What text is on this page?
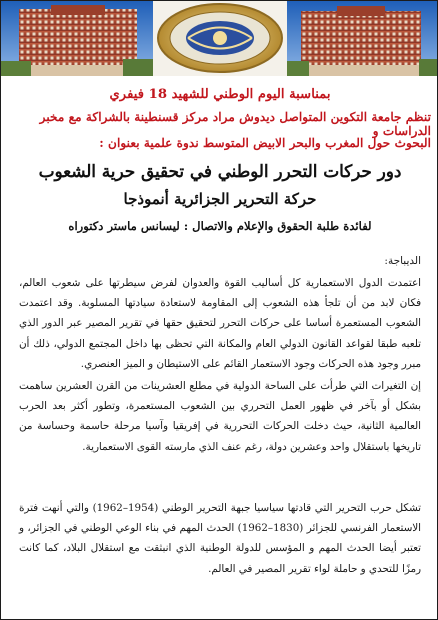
بمناسبة اليوم الوطني للشهيد 18 فيفري
تنظم جامعة التكوين المتواصل ديدوش مراد مركز قسنطينة بالشراكة مع مخبر الدراسات و
البحوث حول المغرب والبحر الابيض المتوسط ندوة علمية بعنوان :
دور حركات التحرر الوطني في تحقيق حرية الشعوب
حركة التحرير الجزائرية أنموذجا
لفائدة طلبة الحقوق والإعلام والاتصال : ليسانس ماستر دكتوراه
الديباجة:
اعتمدت الدول الاستعمارية كل أساليب القوة والعدوان لفرض سيطرتها على شعوب العالم، فكان لابد من أن تلجأ هذه الشعوب إلى المقاومة لاستعادة سيادتها المسلوبة. وقد اعتمدت الشعوب المستعمرة أساسا على حركات التحرر لتحقيق حقها في تقرير المصير عبر الدور الذي تلعبه طبقا لقواعد القانون الدولي العام والمكانة التي تحظى بها داخل المجتمع الدولي، ذلك أن مبرر وجود هذه الحركات وجود الاستعمار القائم على الاستيطان و الميز العنصري.
إن التغيرات التي طرأت على الساحة الدولية في مطلع العشرينات من القرن العشرين ساهمت بشكل أو بآخر في ظهور العمل التحرري بين الشعوب المستعمرة، وتطور أكثر بعد الحرب العالمية الثانية، حيث دخلت الحركات التحررية في إفريقيا وآسيا مرحلة حاسمة وحساسة من تاريخها باستقلال واحد وعشرين دولة، رغم عنف الذي مارسته القوى الاستعمارية.
تشكل حرب التحرير التي قادتها سياسيا جبهة التحرير الوطني (1954–1962) والتي أنهت فترة الاستعمار الفرنسي للجزائر (1830–1962) الحدث المهم في بناء الوعي الوطني في الجزائر، و تعتبر أيضا الحدث المهم و المؤسس للدولة الوطنية الذي انبثقت مع استقلال البلاد، كما كانت رمزًا للتحدي و حاملة لواء تقرير المصير في العالم.
